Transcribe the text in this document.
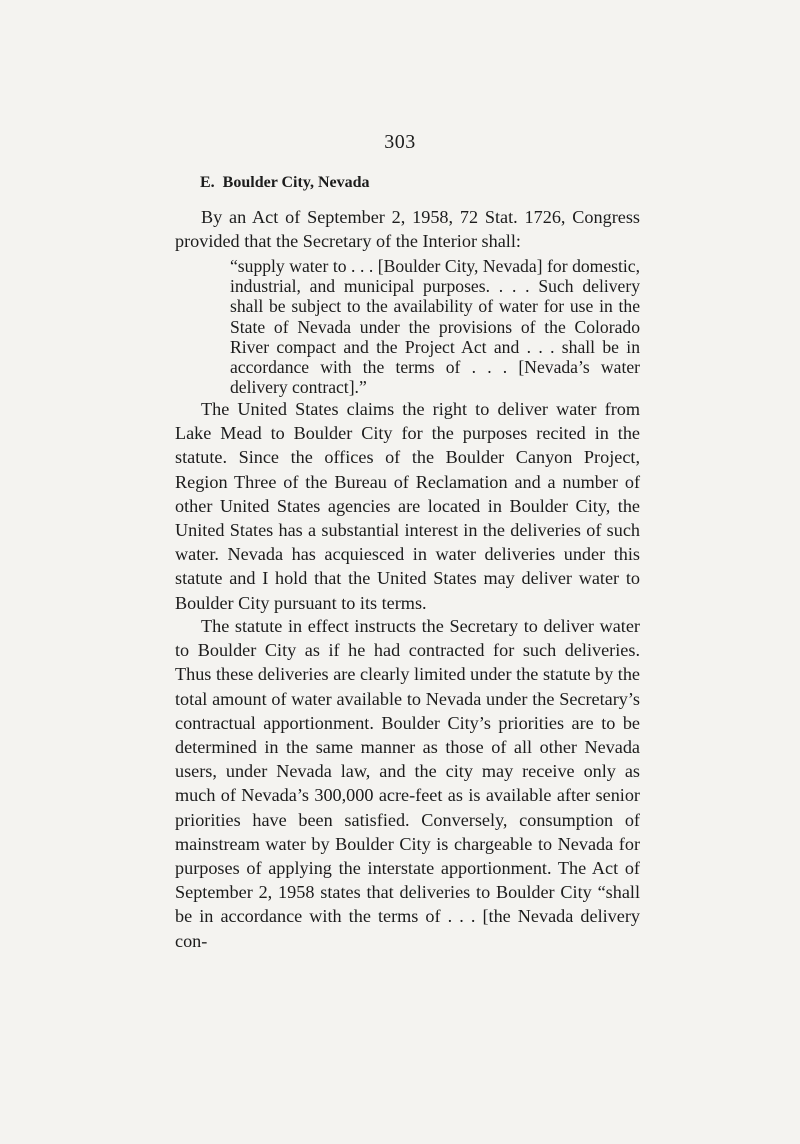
303
E. Boulder City, Nevada

By an Act of September 2, 1958, 72 Stat. 1726, Congress provided that the Secretary of the Interior shall:

“supply water to . . . [Boulder City, Nevada] for domestic, industrial, and municipal purposes. . . . Such delivery shall be subject to the availability of water for use in the State of Nevada under the provisions of the Colorado River compact and the Project Act and . . . shall be in accordance with the terms of . . . [Nevada’s water delivery contract].”

The United States claims the right to deliver water from Lake Mead to Boulder City for the purposes recited in the statute. Since the offices of the Boulder Canyon Project, Region Three of the Bureau of Reclamation and a number of other United States agencies are located in Boulder City, the United States has a substantial interest in the deliveries of such water. Nevada has acquiesced in water deliveries under this statute and I hold that the United States may deliver water to Boulder City pursuant to its terms.

The statute in effect instructs the Secretary to deliver water to Boulder City as if he had contracted for such deliveries. Thus these deliveries are clearly limited under the statute by the total amount of water available to Nevada under the Secretary’s contractual apportionment. Boulder City’s priorities are to be determined in the same manner as those of all other Nevada users, under Nevada law, and the city may receive only as much of Nevada’s 300,000 acre-feet as is available after senior priorities have been satisfied. Conversely, consumption of mainstream water by Boulder City is chargeable to Nevada for purposes of applying the interstate apportionment. The Act of September 2, 1958 states that deliveries to Boulder City “shall be in accordance with the terms of . . . [the Nevada delivery con-
